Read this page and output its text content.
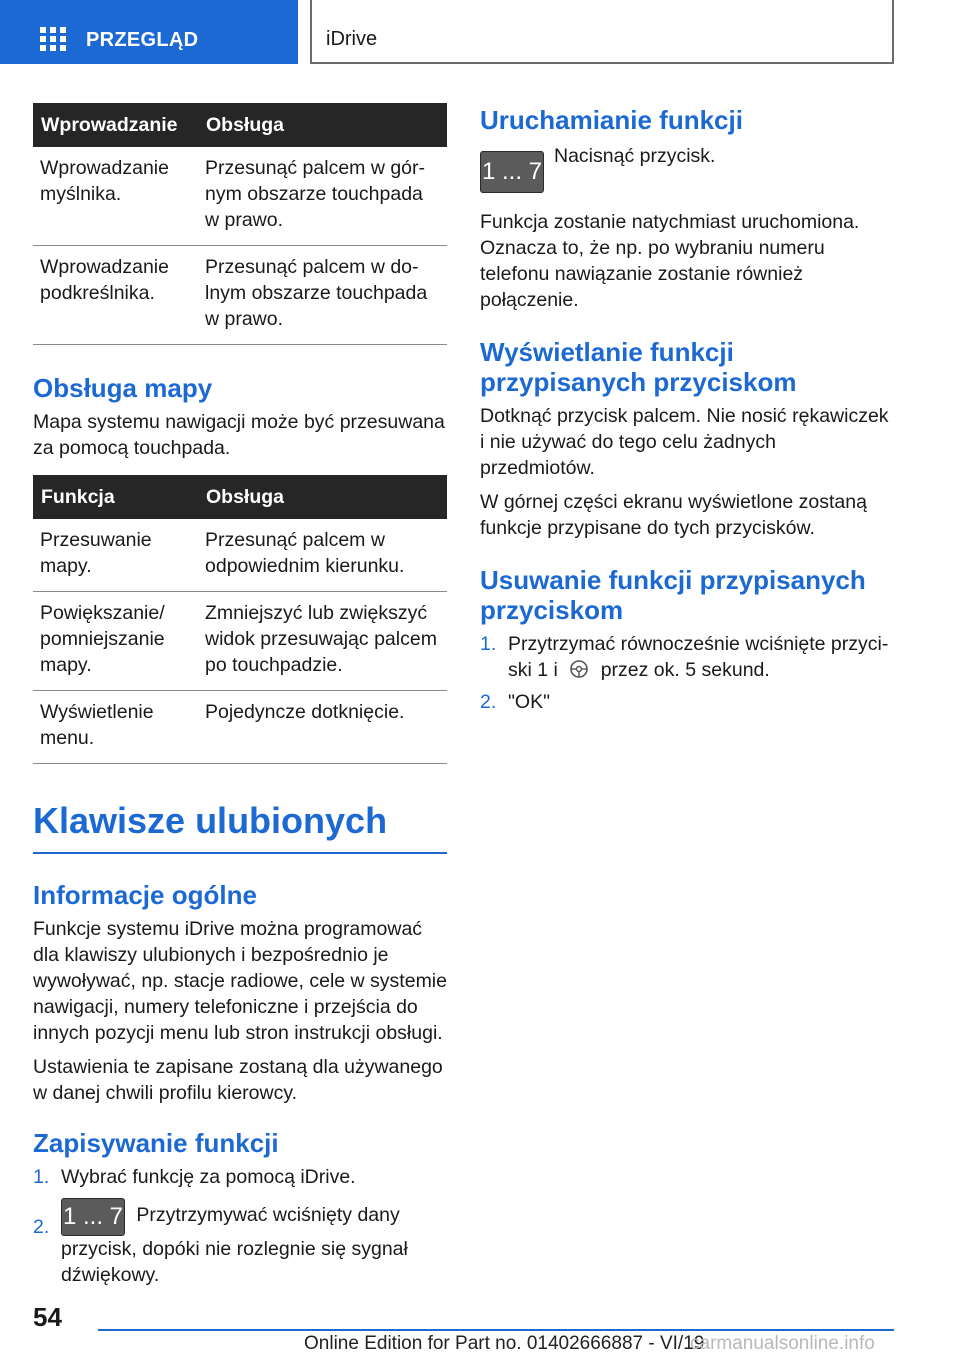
PRZEGLĄD	iDrive
Wprowadzanie	Obsługa
Wprowadzanie myślnika.	Przesunąć palcem w górnym obszarze touchpada w prawo.
Wprowadzanie podkreślnika.	Przesunąć palcem w dolnym obszarze touchpada w prawo.
Obsługa mapy

Mapa systemu nawigacji może być przesuwana za pomocą touchpada.

Funkcja	Obsługa
Przesuwanie mapy.	Przesunąć palcem w odpowiednim kierunku.
Powiększanie/ pomniejszanie mapy.	Zmniejszyć lub zwiększyć widok przesuwając palcem po touchpadzie.
Wyświetlenie menu.	Pojedyncze dotknięcie.
Klawisze ulubionych
Informacje ogólne

Funkcje systemu iDrive można programować dla klawiszy ulubionych i bezpośrednio je wywoływać, np. stacje radiowe, cele w systemie nawigacji, numery telefoniczne i przejścia do innych pozycji menu lub stron instrukcji obsługi.

Ustawienia te zapisane zostaną dla używanego w danej chwili profilu kierowcy.

Zapisywanie funkcji
1. Wybrać funkcję za pomocą iDrive.
2. 1 ... 7 Przytrzymywać wciśnięty dany przycisk, dopóki nie rozlegnie się sygnał dźwiękowy.
Uruchamianie funkcji
1 ... 7
Nacisnąć przycisk.

Funkcja zostanie natychmiast uruchomiona. Oznacza to, że np. po wybraniu numeru telefonu nawiązanie zostanie również połączenie.

Wyświetlanie funkcji przypisanych przyciskom

Dotknąć przycisk palcem. Nie nosić rękawiczek i nie używać do tego celu żadnych przedmiotów.

W górnej części ekranu wyświetlone zostaną funkcje przypisane do tych przycisków.

Usuwanie funkcji przypisanych przyciskom
1. Przytrzymać równocześnie wciśnięte przyciski 1 i przez ok. 5 sekund.
2. "OK"
54
Online Edition for Part no. 01402666887 - VI/19
carmanualsonline.info
